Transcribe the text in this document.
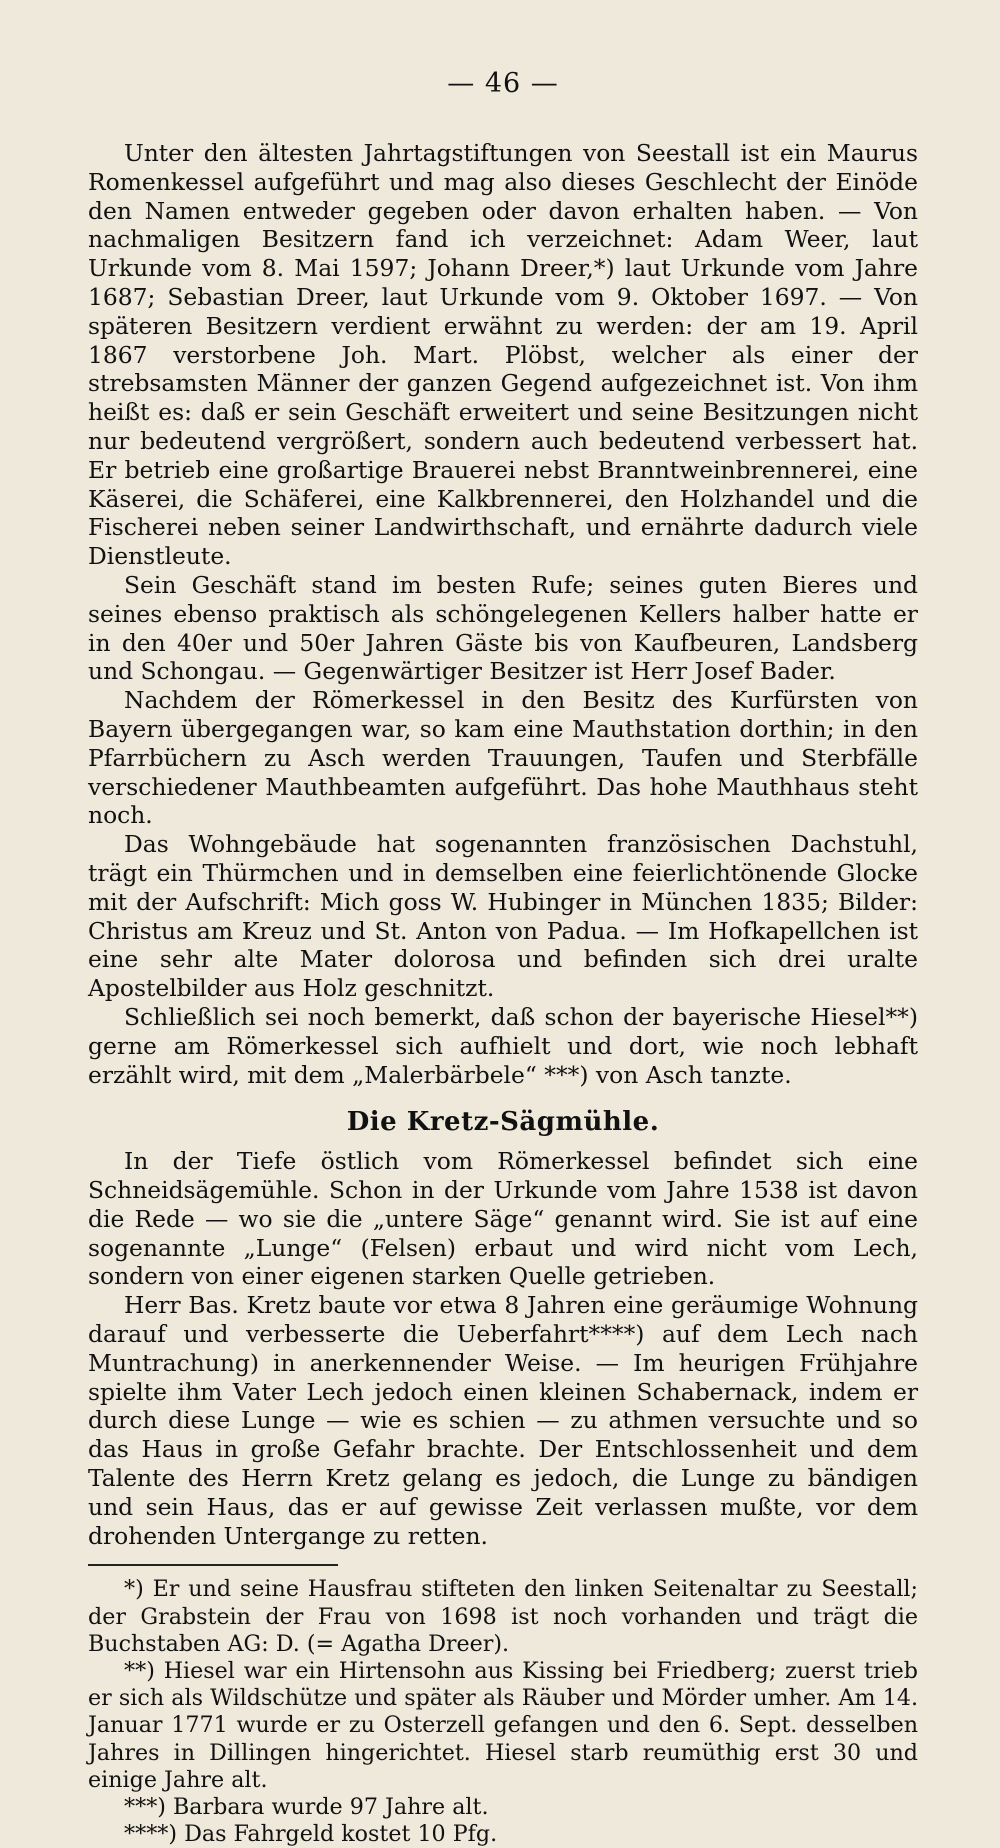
— 46 —

Unter den ältesten Jahrtagstiftungen von Seestall ist ein Maurus Romenkessel aufgeführt und mag also dieses Geschlecht der Einöde den Namen entweder gegeben oder davon erhalten haben. — Von nachmaligen Besitzern fand ich verzeichnet: Adam Weer, laut Urkunde vom 8. Mai 1597; Johann Dreer,*) laut Urkunde vom Jahre 1687; Sebastian Dreer, laut Urkunde vom 9. Oktober 1697. — Von späteren Besitzern verdient erwähnt zu werden: der am 19. April 1867 verstorbene Joh. Mart. Plöbst, welcher als einer der strebsamsten Männer der ganzen Gegend aufgezeichnet ist. Von ihm heißt es: daß er sein Geschäft erweitert und seine Besitzungen nicht nur bedeutend vergrößert, sondern auch bedeutend verbessert hat. Er betrieb eine großartige Brauerei nebst Branntweinbrennerei, eine Käserei, die Schäferei, eine Kalkbrennerei, den Holzhandel und die Fischerei neben seiner Landwirthschaft, und ernährte dadurch viele Dienstleute.

Sein Geschäft stand im besten Rufe; seines guten Bieres und seines ebenso praktisch als schöngelegenen Kellers halber hatte er in den 40er und 50er Jahren Gäste bis von Kaufbeuren, Landsberg und Schongau. — Gegenwärtiger Besitzer ist Herr Josef Bader.

Nachdem der Römerkessel in den Besitz des Kurfürsten von Bayern übergegangen war, so kam eine Mauthstation dorthin; in den Pfarrbüchern zu Asch werden Trauungen, Taufen und Sterbfälle verschiedener Mauthbeamten aufgeführt. Das hohe Mauthhaus steht noch.

Das Wohngebäude hat sogenannten französischen Dachstuhl, trägt ein Thürmchen und in demselben eine feierlichtönende Glocke mit der Aufschrift: Mich goss W. Hubinger in München 1835; Bilder: Christus am Kreuz und St. Anton von Padua. — Im Hofkapellchen ist eine sehr alte Mater dolorosa und befinden sich drei uralte Apostelbilder aus Holz geschnitzt.

Schließlich sei noch bemerkt, daß schon der bayerische Hiesel**) gerne am Römerkessel sich aufhielt und dort, wie noch lebhaft erzählt wird, mit dem „Malerbärbele“ ***) von Asch tanzte.

Die Kretz-Sägmühle.

In der Tiefe östlich vom Römerkessel befindet sich eine Schneidsägemühle. Schon in der Urkunde vom Jahre 1538 ist davon die Rede — wo sie die „untere Säge“ genannt wird. Sie ist auf eine sogenannte „Lunge“ (Felsen) erbaut und wird nicht vom Lech, sondern von einer eigenen starken Quelle getrieben.

Herr Bas. Kretz baute vor etwa 8 Jahren eine geräumige Wohnung darauf und verbesserte die Ueberfahrt****) auf dem Lech nach Muntrachung) in anerkennender Weise. — Im heurigen Frühjahre spielte ihm Vater Lech jedoch einen kleinen Schabernack, indem er durch diese Lunge — wie es schien — zu athmen versuchte und so das Haus in große Gefahr brachte. Der Entschlossenheit und dem Talente des Herrn Kretz gelang es jedoch, die Lunge zu bändigen und sein Haus, das er auf gewisse Zeit verlassen mußte, vor dem drohenden Untergange zu retten.

*) Er und seine Hausfrau stifteten den linken Seitenaltar zu Seestall; der Grabstein der Frau von 1698 ist noch vorhanden und trägt die Buchstaben AG: D. (= Agatha Dreer).

**) Hiesel war ein Hirtensohn aus Kissing bei Friedberg; zuerst trieb er sich als Wildschütze und später als Räuber und Mörder umher. Am 14. Januar 1771 wurde er zu Osterzell gefangen und den 6. Sept. desselben Jahres in Dillingen hingerichtet. Hiesel starb reumüthig erst 30 und einige Jahre alt.

***) Barbara wurde 97 Jahre alt.

****) Das Fahrgeld kostet 10 Pfg.
